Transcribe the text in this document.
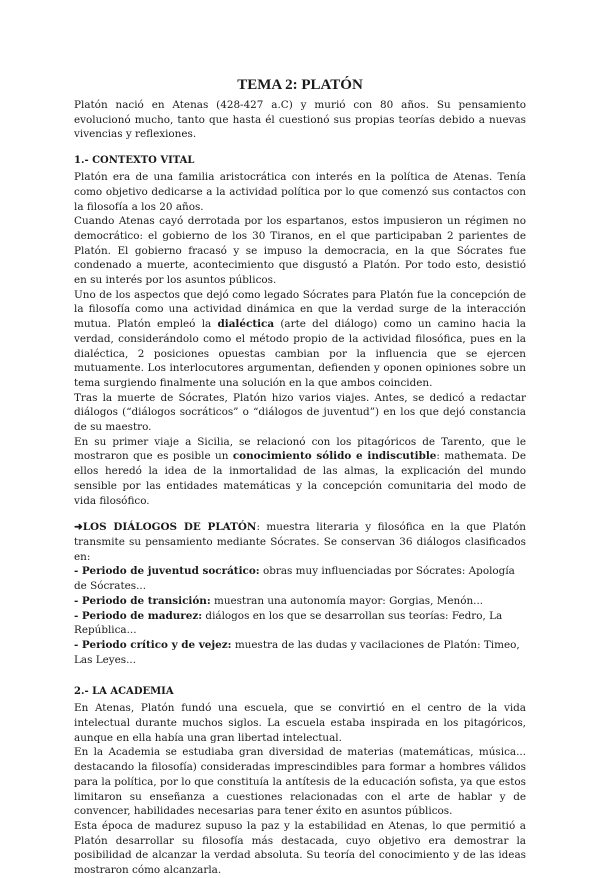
TEMA 2: PLATÓN

Platón nació en Atenas (428-427 a.C) y murió con 80 años. Su pensamiento evolucionó mucho, tanto que hasta él cuestionó sus propias teorías debido a nuevas vivencias y reflexiones.

1.- CONTEXTO VITAL

Platón era de una familia aristocrática con interés en la política de Atenas. Tenía como objetivo dedicarse a la actividad política por lo que comenzó sus contactos con la filosofía a los 20 años.

Cuando Atenas cayó derrotada por los espartanos, estos impusieron un régimen no democrático: el gobierno de los 30 Tiranos, en el que participaban 2 parientes de Platón. El gobierno fracasó y se impuso la democracia, en la que Sócrates fue condenado a muerte, acontecimiento que disgustó a Platón. Por todo esto, desistió en su interés por los asuntos públicos.

Uno de los aspectos que dejó como legado Sócrates para Platón fue la concepción de la filosofía como una actividad dinámica en que la verdad surge de la interacción mutua. Platón empleó la dialéctica (arte del diálogo) como un camino hacia la verdad, considerándolo como el método propio de la actividad filosófica, pues en la dialéctica, 2 posiciones opuestas cambian por la influencia que se ejercen mutuamente. Los interlocutores argumentan, defienden y oponen opiniones sobre un tema surgiendo finalmente una solución en la que ambos coinciden.

Tras la muerte de Sócrates, Platón hizo varios viajes. Antes, se dedicó a redactar diálogos (“diálogos socráticos” o “diálogos de juventud”) en los que dejó constancia de su maestro.

En su primer viaje a Sicilia, se relacionó con los pitagóricos de Tarento, que le mostraron que es posible un conocimiento sólido e indiscutible: mathemata. De ellos heredó la idea de la inmortalidad de las almas, la explicación del mundo sensible por las entidades matemáticas y la concepción comunitaria del modo de vida filosófico.

➜LOS DIÁLOGOS DE PLATÓN: muestra literaria y filosófica en la que Platón transmite su pensamiento mediante Sócrates. Se conservan 36 diálogos clasificados en:

- Periodo de juventud socrático: obras muy influenciadas por Sócrates: Apología de Sócrates...
- Periodo de transición: muestran una autonomía mayor: Gorgias, Menón...
- Periodo de madurez: diálogos en los que se desarrollan sus teorías: Fedro, La República...
- Periodo crítico y de vejez: muestra de las dudas y vacilaciones de Platón: Timeo, Las Leyes...
2.- LA ACADEMIA

En Atenas, Platón fundó una escuela, que se convirtió en el centro de la vida intelectual durante muchos siglos. La escuela estaba inspirada en los pitagóricos, aunque en ella había una gran libertad intelectual.

En la Academia se estudiaba gran diversidad de materias (matemáticas, música... destacando la filosofía) consideradas imprescindibles para formar a hombres válidos para la política, por lo que constituía la antítesis de la educación sofista, ya que estos limitaron su enseñanza a cuestiones relacionadas con el arte de hablar y de convencer, habilidades necesarias para tener éxito en asuntos públicos.

Esta época de madurez supuso la paz y la estabilidad en Atenas, lo que permitió a Platón desarrollar su filosofía más destacada, cuyo objetivo era demostrar la posibilidad de alcanzar la verdad absoluta. Su teoría del conocimiento y de las ideas mostraron cómo alcanzarla.
